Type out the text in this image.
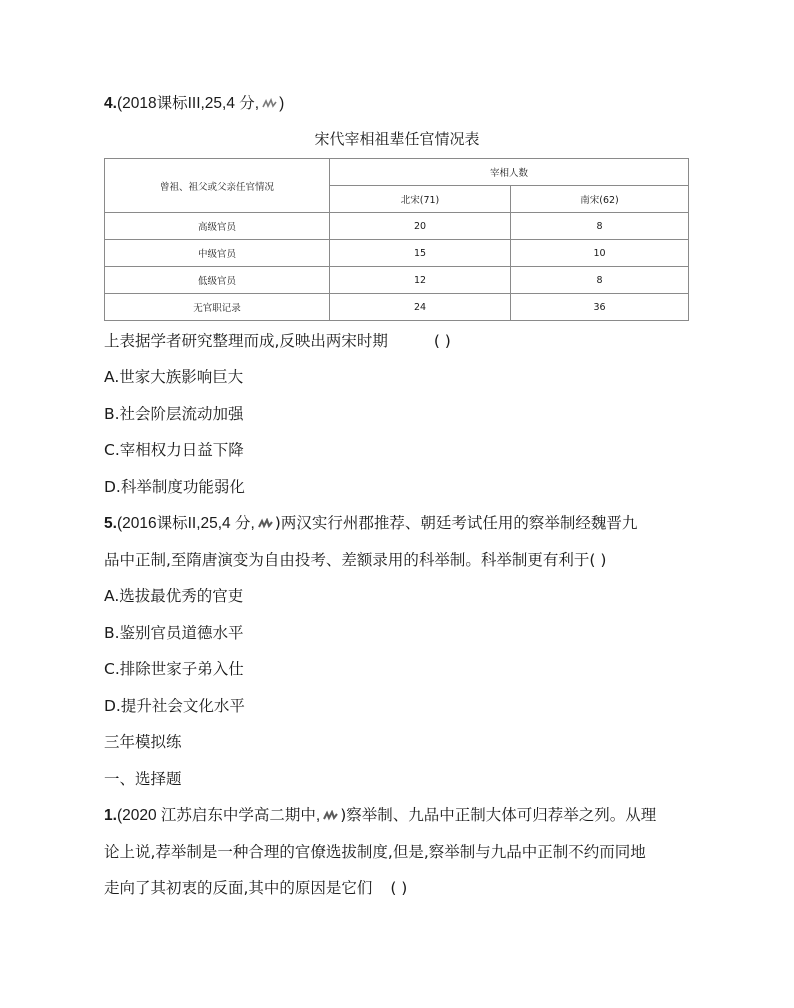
4.(2018课标III,25,4 分, )
宋代宰相祖辈任官情况表
曾祖、祖父或父亲任官情况	宰相人数	
	北宋(71)	南宋(62)
高级官员	20	8
中级官员	15	10
低级官员	12	8
无官职记录	24	36
上表据学者研究整理而成,反映出两宋时期	( )
A.世家大族影响巨大
B.社会阶层流动加强
C.宰相权力日益下降
D.科举制度功能弱化
5.(2016课标II,25,4 分, )两汉实行州郡推荐、朝廷考试任用的察举制经魏晋九
品中正制,至隋唐演变为自由投考、差额录用的科举制。科举制更有利于( )
A.选拔最优秀的官吏
B.鉴别官员道德水平
C.排除世家子弟入仕
D.提升社会文化水平
三年模拟练
一、选择题
1.(2020 江苏启东中学高二期中, )察举制、九品中正制大体可归荐举之列。从理
论上说,荐举制是一种合理的官僚选拔制度,但是,察举制与九品中正制不约而同地
走向了其初衷的反面,其中的原因是它们 ( )
